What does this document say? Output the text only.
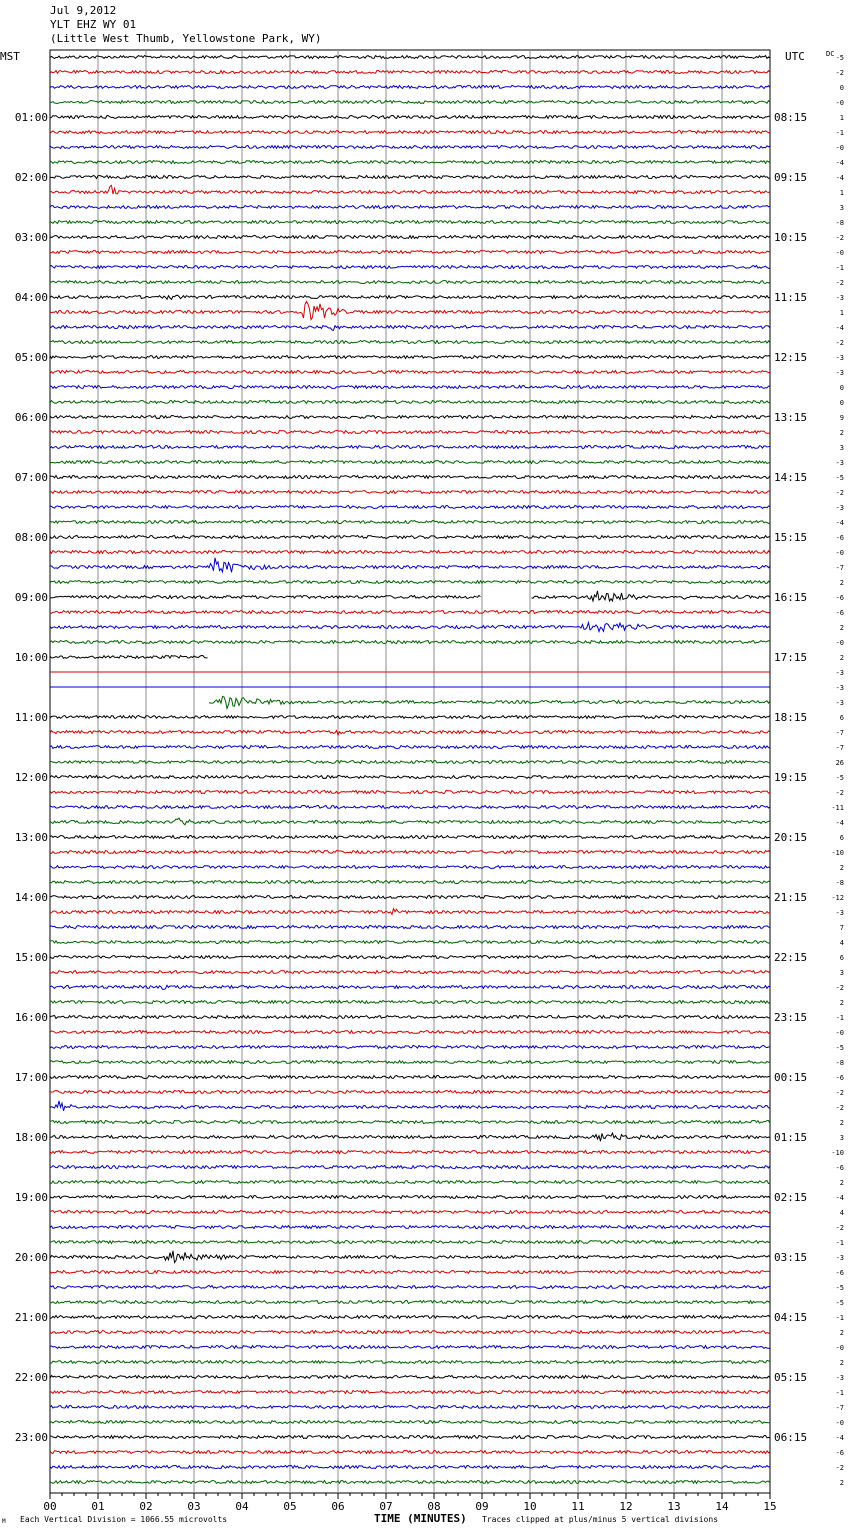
Jul 9,2012
YLT EHZ WY 01
(Little West Thumb, Yellowstone Park, WY)
MST	UTC	DC -5
-2
0
-0
1
-1
-0
-4
-4
1
3
-8
-2
-0
-1
-2
-3
1
-4
-2
-3
-3
0
0
9
2
3
-3
-5
-2
-3
-4
-6
-0
-7
2
-6
-6
2
-0
2
-3
-3
-3
6
-7
-7
26
-5
-2
-11
-4
6
-10
2
-8
-12
-3
7
4
6
3
-2
2
-1
-0
-5
-8
-6
-2
-2
2
3
-10
-6
2
-4
4
-2
-1
-3
-6
-5
-5
-1
2
-0
2
-3
-1
-7
-0
-4
-6
-2
2
01:00
02:00
03:00
04:00
05:00
06:00
07:00
08:00
09:00
10:00
11:00
12:00
13:00
14:00
15:00
16:00
17:00
18:00
19:00
20:00
21:00
22:00
23:00
08:15
09:15
10:15
11:15
12:15
13:15
14:15
15:15
16:15
17:15
18:15
19:15
20:15
21:15
22:15
23:15
00:15
01:15
02:15
03:15
04:15
05:15
06:15
00	01	02	03	04	05	06	07	08	09	10	11	12	13	14	15
M Each Vertical Division = 1066.55 microvolts	TIME (MINUTES) Traces clipped at plus/minus 5 vertical divisions
